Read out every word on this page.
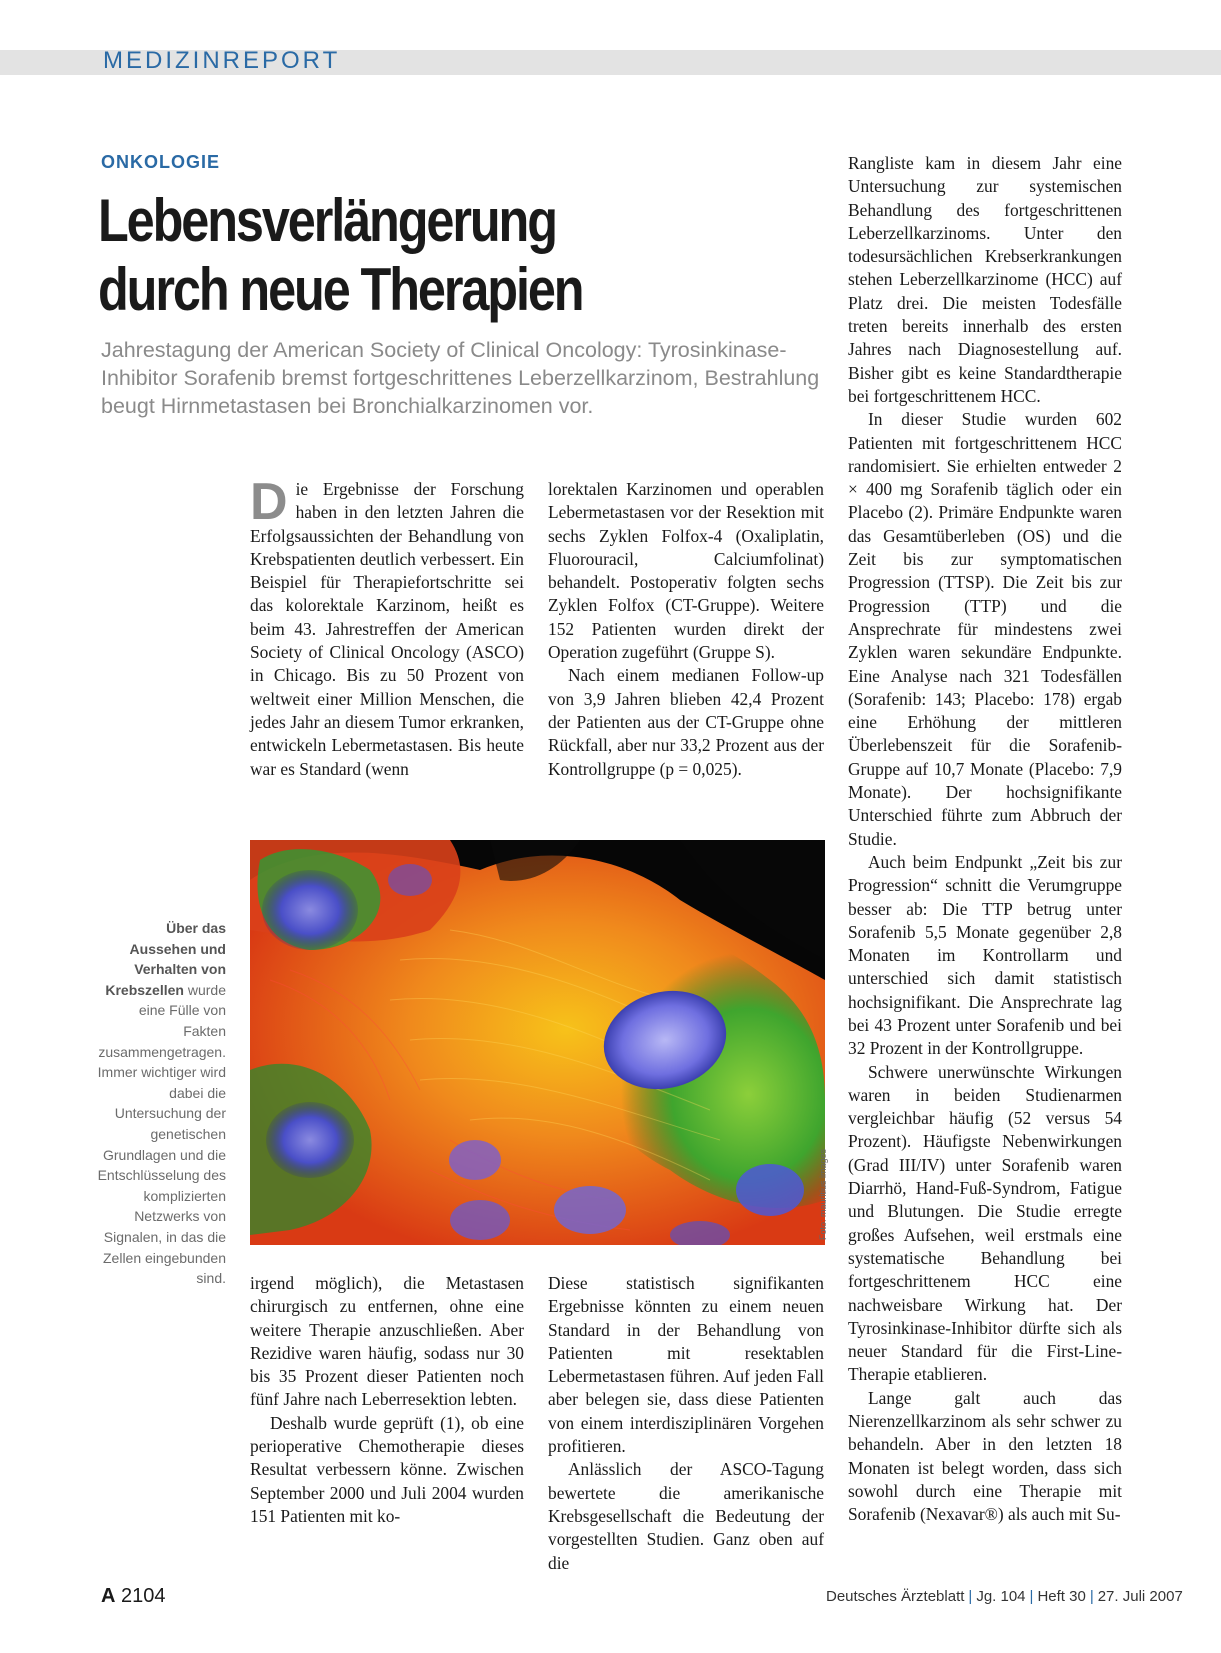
MEDIZINREPORT
ONKOLOGIE
Lebensverlängerung durch neue Therapien

Jahrestagung der American Society of Clinical Oncology: Tyrosinkinase-Inhibitor Sorafenib bremst fortgeschrittenes Leberzellkarzinom, Bestrahlung beugt Hirnmetastasen bei Bronchialkarzinomen vor.

D ie Ergebnisse der Forschung haben in den letzten Jahren die Erfolgsaussichten der Behandlung von Krebspatienten deutlich verbessert. Ein Beispiel für Therapiefortschritte sei das kolorektale Karzinom, heißt es beim 43. Jahrestreffen der American Society of Clinical Oncology (ASCO) in Chicago. Bis zu 50 Prozent von weltweit einer Million Menschen, die jedes Jahr an diesem Tumor erkranken, entwickeln Lebermetastasen. Bis heute war es Standard (wenn

lorektalen Karzinomen und operablen Lebermetastasen vor der Resektion mit sechs Zyklen Folfox-4 (Oxaliplatin, Fluorouracil, Calciumfolinat) behandelt. Postoperativ folgten sechs Zyklen Folfox (CT-Gruppe). Weitere 152 Patienten wurden direkt der Operation zugeführt (Gruppe S).

Nach einem medianen Follow-up von 3,9 Jahren blieben 42,4 Prozent der Patienten aus der CT-Gruppe ohne Rückfall, aber nur 33,2 Prozent aus der Kontrollgruppe (p = 0,025).

Foto: mauritius images
Über das Aussehen und Verhalten von Krebszellen wurde eine Fülle von Fakten zusammengetragen. Immer wichtiger wird dabei die Untersuchung der genetischen Grundlagen und die Entschlüsselung des komplizierten Netzwerks von Signalen, in das die Zellen eingebunden sind. irgend möglich), die Metastasen chirurgisch zu entfernen, ohne eine weitere Therapie anzuschließen. Aber Rezidive waren häufig, sodass nur 30 bis 35 Prozent dieser Patienten noch fünf Jahre nach Leberresektion lebten.

Deshalb wurde geprüft (1), ob eine perioperative Chemotherapie dieses Resultat verbessern könne. Zwischen September 2000 und Juli 2004 wurden 151 Patienten mit ko-

Diese statistisch signifikanten Ergebnisse könnten zu einem neuen Standard in der Behandlung von Patienten mit resektablen Lebermetastasen führen. Auf jeden Fall aber belegen sie, dass diese Patienten von einem interdisziplinären Vorgehen profitieren.

Anlässlich der ASCO-Tagung bewertete die amerikanische Krebsgesellschaft die Bedeutung der vorgestellten Studien. Ganz oben auf die

Rangliste kam in diesem Jahr eine Untersuchung zur systemischen Behandlung des fortgeschrittenen Leberzellkarzinoms. Unter den todesursächlichen Krebserkrankungen stehen Leberzellkarzinome (HCC) auf Platz drei. Die meisten Todesfälle treten bereits innerhalb des ersten Jahres nach Diagnosestellung auf. Bisher gibt es keine Standardtherapie bei fortgeschrittenem HCC.

In dieser Studie wurden 602 Patienten mit fortgeschrittenem HCC randomisiert. Sie erhielten entweder 2 × 400 mg Sorafenib täglich oder ein Placebo (2). Primäre Endpunkte waren das Gesamtüberleben (OS) und die Zeit bis zur symptomatischen Progression (TTSP). Die Zeit bis zur Progression (TTP) und die Ansprechrate für mindestens zwei Zyklen waren sekundäre Endpunkte. Eine Analyse nach 321 Todesfällen (Sorafenib: 143; Placebo: 178) ergab eine Erhöhung der mittleren Überlebenszeit für die Sorafenib-Gruppe auf 10,7 Monate (Placebo: 7,9 Monate). Der hochsignifikante Unterschied führte zum Abbruch der Studie.

Auch beim Endpunkt „Zeit bis zur Progression“ schnitt die Verumgruppe besser ab: Die TTP betrug unter Sorafenib 5,5 Monate gegenüber 2,8 Monaten im Kontrollarm und unterschied sich damit statistisch hochsignifikant. Die Ansprechrate lag bei 43 Prozent unter Sorafenib und bei 32 Prozent in der Kontrollgruppe.

Schwere unerwünschte Wirkungen waren in beiden Studienarmen vergleichbar häufig (52 versus 54 Prozent). Häufigste Nebenwirkungen (Grad III/IV) unter Sorafenib waren Diarrhö, Hand-Fuß-Syndrom, Fatigue und Blutungen. Die Studie erregte großes Aufsehen, weil erstmals eine systematische Behandlung bei fortgeschrittenem HCC eine nachweisbare Wirkung hat. Der Tyrosinkinase-Inhibitor dürfte sich als neuer Standard für die First-Line-Therapie etablieren.

Lange galt auch das Nierenzellkarzinom als sehr schwer zu behandeln. Aber in den letzten 18 Monaten ist belegt worden, dass sich sowohl durch eine Therapie mit Sorafenib (Nexavar®) als auch mit Su-

A 2104	Deutsches Ärzteblatt | Jg. 104 | Heft 30 | 27. Juli 2007
